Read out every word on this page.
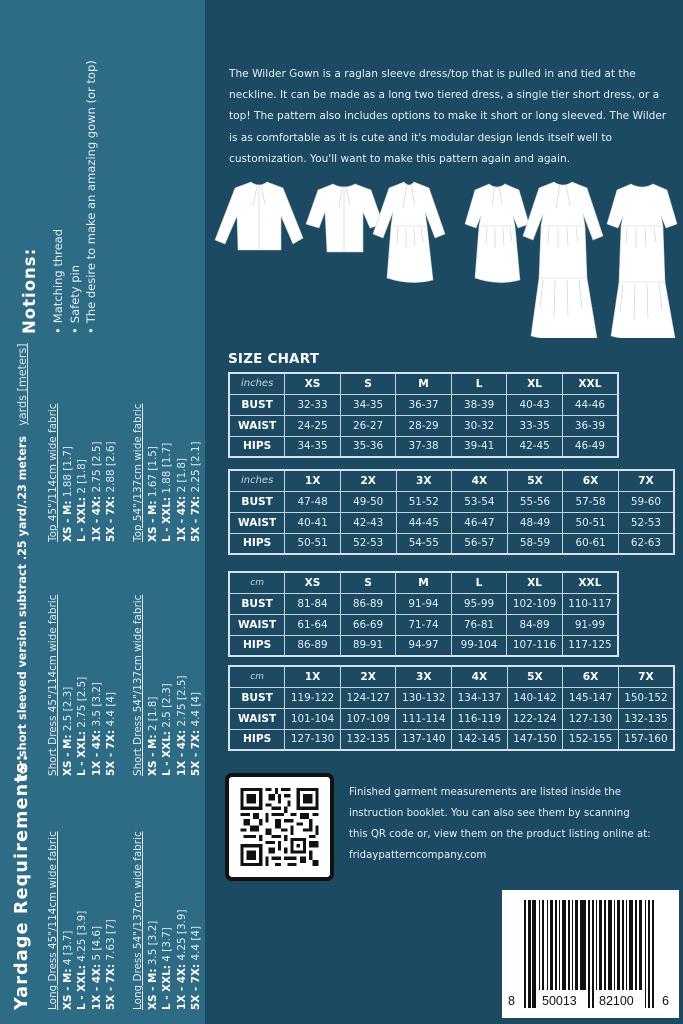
Yardage Requirements:
for short sleeved version subtract .25 yard/.23 metersyards [meters]
Long Dress 45"/114cm wide fabric XS - M: 4 [3.7]
L - XXL: 4.25 [3.9]
1X - 4X: 5 [4.6]
5X - 7X: 7.63 [7] Long Dress 54"/137cm wide fabric XS - M: 3.5 [3.2]
L - XXL: 4 [3.7]
1X - 4X: 4.25 [3.9]
5X - 7X: 4.4 [4]
Short Dress 45"/114cm wide fabric XS - M: 2.5 [2.3]
L - XXL: 2.75 [2.5]
1X - 4X: 3.5 [3.2]
5X - 7X: 4.4 [4] Short Dress 54"/137cm wide fabric XS - M: 2 [1.8]
L - XXL: 2.5 [2.3]
1X - 4X: 2.75 [2.5]
5X - 7X: 4.4 [4]
Top 45"/114cm wide fabric XS - M: 1.88 [1.7]
L - XXL: 2 [1.8]
1X - 4X: 2.75 [2.5]
5X - 7X: 2.88 [2.6] Top 54"/137cm wide fabric XS - M: 1.67 [1.5]
L - XXL: 1.88 [1.7]
1X - 4X: 2 [1.8]
5X - 7X: 2.25 [2.1]
Notions: • Matching thread • Safety pin • The desire to make an amazing gown (or top)	The Wilder Gown is a raglan sleeve dress/top that is pulled in and tied at the neckline. It can be made as a long two tiered dress, a single tier short dress, or a top! The pattern also includes options to make it short or long sleeved. The Wilder is as comfortable as it is cute and it's modular design lends itself well to customization. You'll want to make this pattern again and again.
SIZE CHART
inches	XS	S	M	L	XL	XXL
BUST	32-33	34-35	36-37	38-39	40-43	44-46
WAIST	24-25	26-27	28-29	30-32	33-35	36-39
HIPS	34-35	35-36	37-38	39-41	42-45	46-49
inches	1X	2X	3X	4X	5X	6X	7X
BUST	47-48	49-50	51-52	53-54	55-56	57-58	59-60
WAIST	40-41	42-43	44-45	46-47	48-49	50-51	52-53
HIPS	50-51	52-53	54-55	56-57	58-59	60-61	62-63
cm	XS	S	M	L	XL	XXL
BUST	81-84	86-89	91-94	95-99	102-109	110-117
WAIST	61-64	66-69	71-74	76-81	84-89	91-99
HIPS	86-89	89-91	94-97	99-104	107-116	117-125
cm	1X	2X	3X	4X	5X	6X	7X
BUST	119-122	124-127	130-132	134-137	140-142	145-147	150-152
WAIST	101-104	107-109	111-114	116-119	122-124	127-130	132-135
HIPS	127-130	132-135	137-140	142-145	147-150	152-155	157-160
Finished garment measurements are listed inside the
instruction booklet. You can also see them by scanning
this QR code or, view them on the product listing online at:
fridaypatterncompany.com
8 50013 82100 6
